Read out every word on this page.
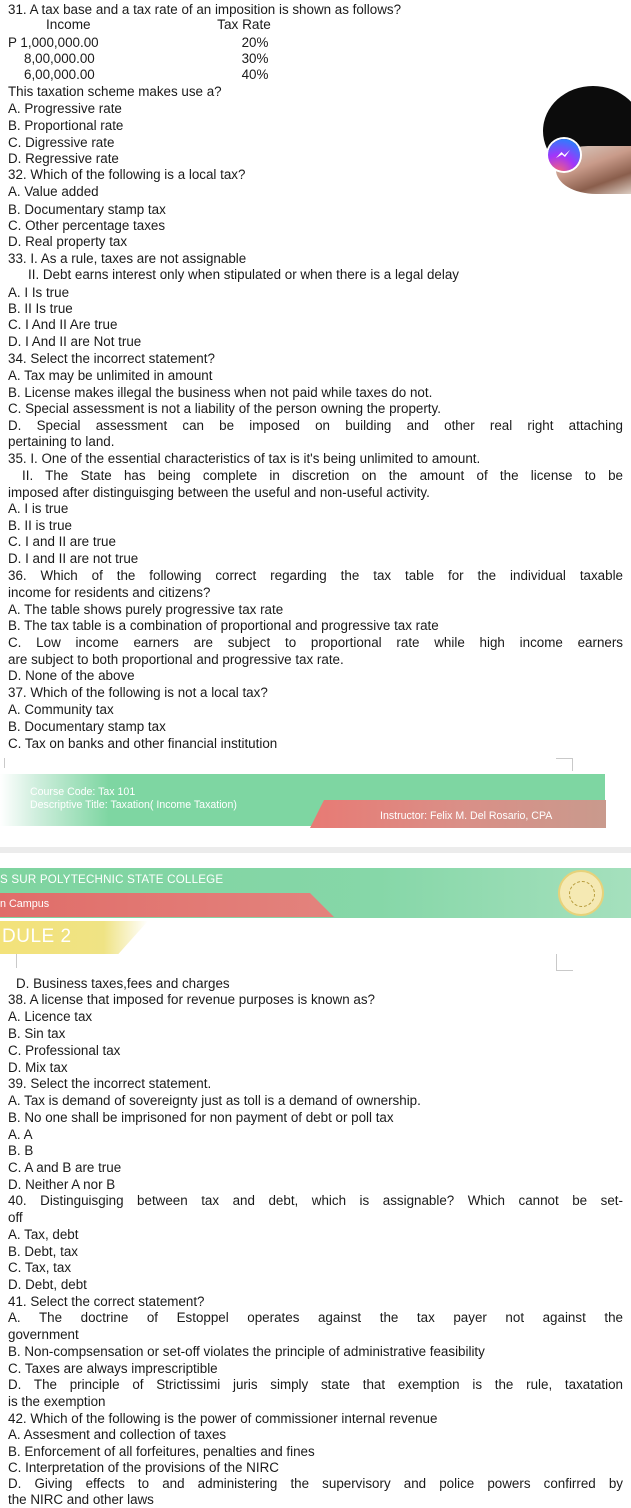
31. A tax base and a tax rate of an imposition is shown as follows?
Income	Tax Rate
P 1,000,000.00	20%
8,00,000.00	30%
6,00,000.00	40%
This taxation scheme makes use a?
A. Progressive rate
B. Proportional rate
C. Digressive rate
D. Regressive rate
32. Which of the following is a local tax?
A. Value added
B. Documentary stamp tax
C. Other percentage taxes
D. Real property tax
33. I. As a rule, taxes are not assignable
II. Debt earns interest only when stipulated or when there is a legal delay
A. I Is true
B. II Is true
C. I And II Are true
D. I And II are Not true
34. Select the incorrect statement?
A. Tax may be unlimited in amount
B. License makes illegal the business when not paid while taxes do not.
C. Special assessment is not a liability of the person owning the property.
D. Special assessment can be imposed on building and other real right attaching
pertaining to land.
35. I. One of the essential characteristics of tax is it's being unlimited to amount.
II. The State has being complete in discretion on the amount of the license to be
imposed after distinguisging between the useful and non-useful activity.
A. I is true
B. II is true
C. I and II are true
D. I and II are not true
36. Which of the following correct regarding the tax table for the individual taxable
income for residents and citizens?
A. The table shows purely progressive tax rate
B. The tax table is a combination of proportional and progressive tax rate
C. Low income earners are subject to proportional rate while high income earners
are subject to both proportional and progressive tax rate.
D. None of the above
37. Which of the following is not a local tax?
A. Community tax
B. Documentary stamp tax
C. Tax on banks and other financial institution
Course Code: Tax 101
Descriptive Title: Taxation( Income Taxation)
Instructor: Felix M. Del Rosario, CPA
S SUR POLYTECHNIC STATE COLLEGE
n Campus
DULE 2
D. Business taxes,fees and charges
38. A license that imposed for revenue purposes is known as?
A. Licence tax
B. Sin tax
C. Professional tax
D. Mix tax
39. Select the incorrect statement.
A. Tax is demand of sovereignty just as toll is a demand of ownership.
B. No one shall be imprisoned for non payment of debt or poll tax
A. A
B. B
C. A and B are true
D. Neither A nor B
40. Distinguisging between tax and debt, which is assignable? Which cannot be set-
off
A. Tax, debt
B. Debt, tax
C. Tax, tax
D. Debt, debt
41. Select the correct statement?
A. The doctrine of Estoppel operates against the tax payer not against the
government
B. Non-compsensation or set-off violates the principle of administrative feasibility
C. Taxes are always imprescriptible
D. The principle of Strictissimi juris simply state that exemption is the rule, taxatation
is the exemption
42. Which of the following is the power of commissioner internal revenue
A. Assesment and collection of taxes
B. Enforcement of all forfeitures, penalties and fines
C. Interpretation of the provisions of the NIRC
D. Giving effects to and administering the supervisory and police powers confirred by
the NIRC and other laws
